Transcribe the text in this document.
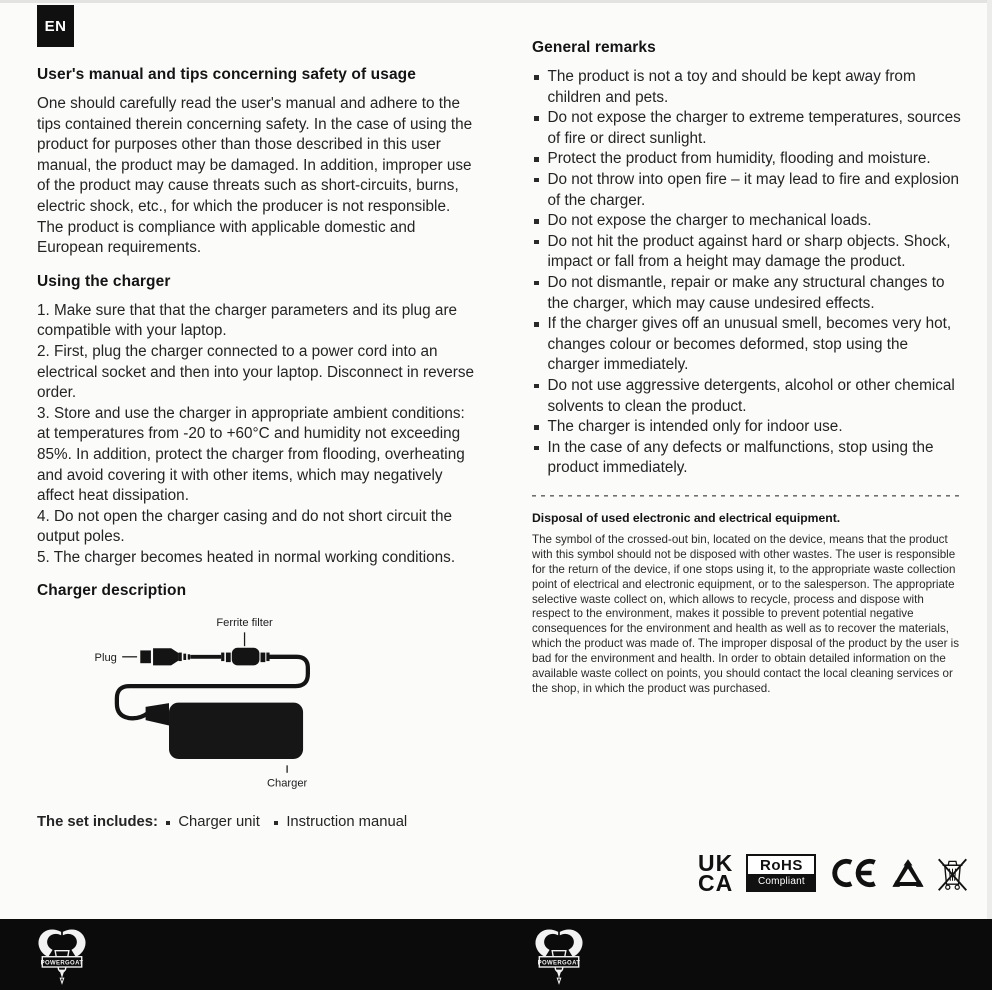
EN
User's manual and tips concerning safety of usage

One should carefully read the user's manual and adhere to the tips contained therein concerning safety. In the case of using the product for purposes other than those described in this user manual, the product may be damaged. In addition, improper use of the product may cause threats such as short-circuits, burns, electric shock, etc., for which the producer is not responsible. The product is compliance with applicable domestic and European requirements.

Using the charger

1. Make sure that that the charger parameters and its plug are compatible with your laptop.

2. First, plug the charger connected to a power cord into an electrical socket and then into your laptop. Disconnect in reverse order.

3. Store and use the charger in appropriate ambient conditions: at temperatures from -20 to +60°C and humidity not exceeding 85%. In addition, protect the charger from flooding, overheating and avoid covering it with other items, which may negatively affect heat dissipation.

4. Do not open the charger casing and do not short circuit the output poles.

5. The charger becomes heated in normal working conditions.

Charger description
Ferrite filter
Plug
Charger
The set includes: Charger unit Instruction manual
General remarks
The product is not a toy and should be kept away from children and pets.
Do not expose the charger to extreme temperatures, sources of fire or direct sunlight.
Protect the product from humidity, flooding and moisture.
Do not throw into open fire – it may lead to fire and explosion of the charger.
Do not expose the charger to mechanical loads.
Do not hit the product against hard or sharp objects. Shock, impact or fall from a height may damage the product.
Do not dismantle, repair or make any structural changes to the charger, which may cause undesired effects.
If the charger gives off an unusual smell, becomes very hot, changes colour or becomes deformed, stop using the charger immediately.
Do not use aggressive detergents, alcohol or other chemical solvents to clean the product.
The charger is intended only for indoor use.
In the case of any defects or malfunctions, stop using the product immediately.
Disposal of used electronic and electrical equipment.

The symbol of the crossed-out bin, located on the device, means that the product with this symbol should not be disposed with other wastes. The user is responsible for the return of the device, if one stops using it, to the appropriate waste collection point of electrical and electronic equipment, or to the salesperson. The appropriate selective waste collect on, which allows to recycle, process and dispose with respect to the environment, makes it possible to prevent potential negative consequences for the environment and health as well as to recover the materials, which the product was made of. The improper disposal of the product by the user is bad for the environment and health. In order to obtain detailed information on the available waste collect on points, you should contact the local cleaning services or the shop, in which the product was purchased.

UK
CA
RoHS
Compliant
POWERGOAT	POWERGOAT
